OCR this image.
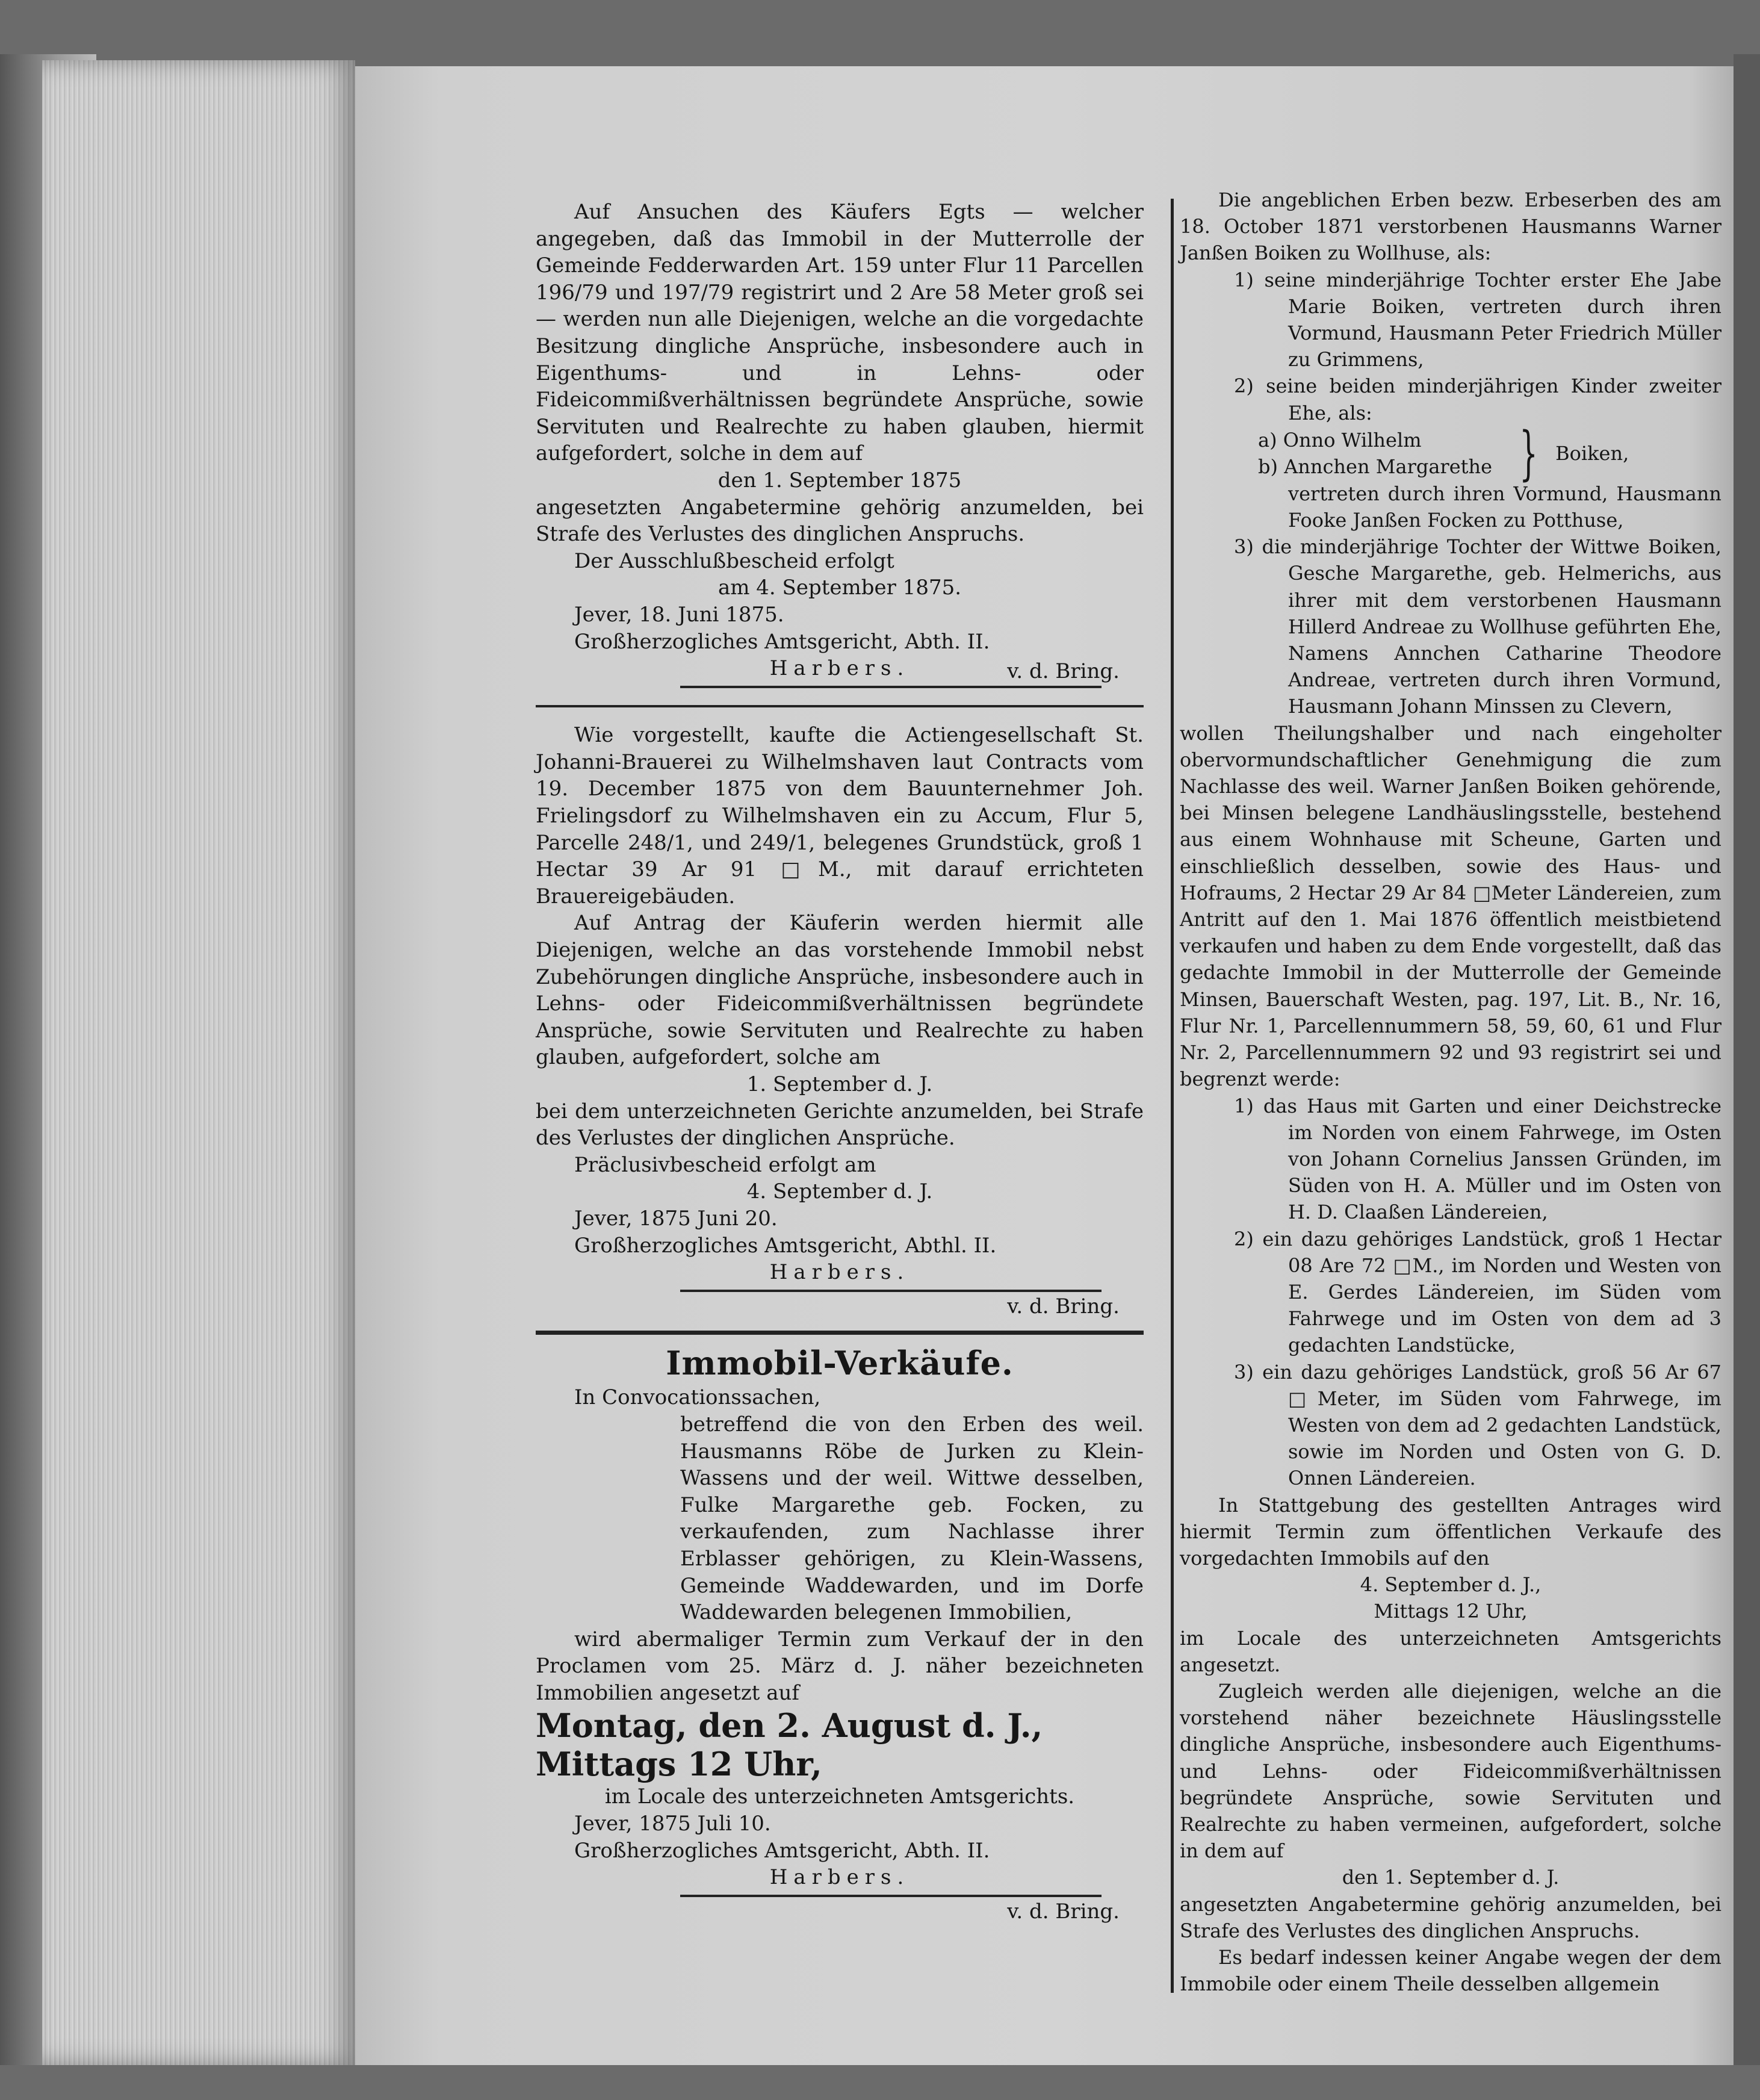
Auf Ansuchen des Käufers Egts — welcher angegeben, daß das Immobil in der Mutterrolle der Gemeinde Fedderwarden Art. 159 unter Flur 11 Parcellen 196/79 und 197/79 registrirt und 2 Are 58 Meter groß sei — werden nun alle Diejenigen, welche an die vorgedachte Besitzung dingliche Ansprüche, insbesondere auch in Eigenthums- und in Lehns- oder Fideicommißverhältnissen begründete Ansprüche, sowie Servituten und Realrechte zu haben glauben, hiermit aufgefordert, solche in dem auf

den 1. September 1875

angesetzten Angabetermine gehörig anzumelden, bei Strafe des Verlustes des dinglichen Anspruchs.

Der Ausschlußbescheid erfolgt

am 4. September 1875.

Jever, 18. Juni 1875.

Großherzogliches Amtsgericht, Abth. II.

Harbers.	v. d. Bring.

Wie vorgestellt, kaufte die Actiengesellschaft St. Johanni-Brauerei zu Wilhelmshaven laut Contracts vom 19. December 1875 von dem Bauunternehmer Joh. Frielingsdorf zu Wilhelmshaven ein zu Accum, Flur 5, Parcelle 248/1, und 249/1, belegenes Grundstück, groß 1 Hectar 39 Ar 91 □M., mit darauf errichteten Brauereigebäuden.

Auf Antrag der Käuferin werden hiermit alle Diejenigen, welche an das vorstehende Immobil nebst Zubehörungen dingliche Ansprüche, insbesondere auch in Lehns- oder Fideicommißverhältnissen begründete Ansprüche, sowie Servituten und Realrechte zu haben glauben, aufgefordert, solche am

1. September d. J.

bei dem unterzeichneten Gerichte anzumelden, bei Strafe des Verlustes der dinglichen Ansprüche.

Präclusivbescheid erfolgt am

4. September d. J.

Jever, 1875 Juni 20.

Großherzogliches Amtsgericht, Abthl. II.

Harbers.

v. d. Bring.

Immobil-Verkäufe.

In Convocationssachen,

betreffend die von den Erben des weil. Hausmanns Röbe de Jurken zu Klein-Wassens und der weil. Wittwe desselben, Fulke Margarethe geb. Focken, zu verkaufenden, zum Nachlasse ihrer Erblasser gehörigen, zu Klein-Wassens, Gemeinde Waddewarden, und im Dorfe Waddewarden belegenen Immobilien,

wird abermaliger Termin zum Verkauf der in den Proclamen vom 25. März d. J. näher bezeichneten Immobilien angesetzt auf

Montag, den 2. August d. J.,

Mittags 12 Uhr,

im Locale des unterzeichneten Amtsgerichts.

Jever, 1875 Juli 10.

Großherzogliches Amtsgericht, Abth. II.

Harbers.

v. d. Bring.

Die angeblichen Erben bezw. Erbeserben des am 18. October 1871 verstorbenen Hausmanns Warner Janßen Boiken zu Wollhuse, als:

1) seine minderjährige Tochter erster Ehe Jabe Marie Boiken, vertreten durch ihren Vormund, Hausmann Peter Friedrich Müller zu Grimmens,

2) seine beiden minderjährigen Kinder zweiter Ehe, als:

a) Onno Wilhelm
b) Annchen Margarethe } Boiken,

vertreten durch ihren Vormund, Hausmann Fooke Janßen Focken zu Potthuse,

3) die minderjährige Tochter der Wittwe Boiken, Gesche Margarethe, geb. Helmerichs, aus ihrer mit dem verstorbenen Hausmann Hillerd Andreae zu Wollhuse geführten Ehe, Namens Annchen Catharine Theodore Andreae, vertreten durch ihren Vormund, Hausmann Johann Minssen zu Clevern,

wollen Theilungshalber und nach eingeholter obervormundschaftlicher Genehmigung die zum Nachlasse des weil. Warner Janßen Boiken gehörende, bei Minsen belegene Landhäuslingsstelle, bestehend aus einem Wohnhause mit Scheune, Garten und einschließlich desselben, sowie des Haus- und Hofraums, 2 Hectar 29 Ar 84 □Meter Ländereien, zum Antritt auf den 1. Mai 1876 öffentlich meistbietend verkaufen und haben zu dem Ende vorgestellt, daß das gedachte Immobil in der Mutterrolle der Gemeinde Minsen, Bauerschaft Westen, pag. 197, Lit. B., Nr. 16, Flur Nr. 1, Parcellennummern 58, 59, 60, 61 und Flur Nr. 2, Parcellennummern 92 und 93 registrirt sei und begrenzt werde:

1) das Haus mit Garten und einer Deichstrecke im Norden von einem Fahrwege, im Osten von Johann Cornelius Janssen Gründen, im Süden von H. A. Müller und im Osten von H. D. Claaßen Ländereien,

2) ein dazu gehöriges Landstück, groß 1 Hectar 08 Are 72 □M., im Norden und Westen von E. Gerdes Ländereien, im Süden vom Fahrwege und im Osten von dem ad 3 gedachten Landstücke,

3) ein dazu gehöriges Landstück, groß 56 Ar 67 □Meter, im Süden vom Fahrwege, im Westen von dem ad 2 gedachten Landstück, sowie im Norden und Osten von G. D. Onnen Ländereien.

In Stattgebung des gestellten Antrages wird hiermit Termin zum öffentlichen Verkaufe des vorgedachten Immobils auf den

4. September d. J.,

Mittags 12 Uhr,

im Locale des unterzeichneten Amtsgerichts angesetzt.

Zugleich werden alle diejenigen, welche an die vorstehend näher bezeichnete Häuslingsstelle dingliche Ansprüche, insbesondere auch Eigenthums- und Lehns- oder Fideicommißverhältnissen begründete Ansprüche, sowie Servituten und Realrechte zu haben vermeinen, aufgefordert, solche in dem auf

den 1. September d. J.

angesetzten Angabetermine gehörig anzumelden, bei Strafe des Verlustes des dinglichen Anspruchs.

Es bedarf indessen keiner Angabe wegen der dem Immobile oder einem Theile desselben allgemein
